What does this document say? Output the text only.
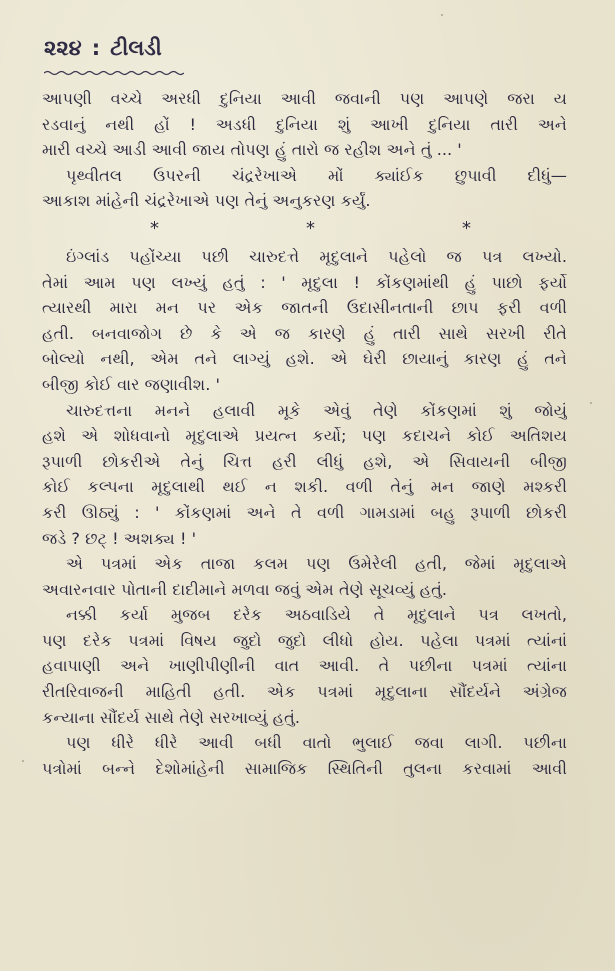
૨૨૪ : ટીલડી
આપણી વચ્ચે અરધી દુનિયા આવી જવાની પણ આપણે જરા ય
રડવાનું નથી હોં ! અડધી દુનિયા શું આખી દુનિયા તારી અને
મારી વચ્ચે આડી આવી જાય તોપણ હું તારો જ રહીશ અને તું ... '
પૃથ્વીતલ ઉપરની ચંદ્રરેખાએ મોં ક્યાંઈક છુપાવી દીધું—
આકાશ માંહેની ચંદ્રરેખાએ પણ તેનું અનુકરણ કર્યું.
*	*	*
ઇંગ્લાંડ પહોંચ્યા પછી ચારુદત્તે મૃદુલાને પહેલો જ પત્ર લખ્યો.
તેમાં આમ પણ લખ્યું હતું : ' મૃદુલા ! કોંકણમાંથી હું પાછો ફર્યો
ત્યારથી મારા મન પર એક જાતની ઉદાસીનતાની છાપ ફરી વળી
હતી. બનવાજોગ છે કે એ જ કારણે હું તારી સાથે સરખી રીતે
બોલ્યો નથી, એમ તને લાગ્યું હશે. એ ઘેરી છાયાનું કારણ હું તને
બીજી કોઈ વાર જણાવીશ. '
ચારુદત્તના મનને હલાવી મૂકે એવું તેણે કોંકણમાં શું જોયું
હશે એ શોધવાનો મૃદુલાએ પ્રયત્ન કર્યો; પણ કદાચને કોઈ અતિશય
રૂપાળી છોકરીએ તેનું ચિત્ત હરી લીધું હશે, એ સિવાયની બીજી
કોઈ કલ્પના મૃદુલાથી થઈ ન શકી. વળી તેનું મન જાણે મશ્કરી
કરી ઊઠ્યું : ' કોંકણમાં અને તે વળી ગામડામાં બહુ રૂપાળી છોકરી
જડે ? છટ્ ! અશક્ય ! '
એ પત્રમાં એક તાજા કલમ પણ ઉમેરેલી હતી, જેમાં મૃદુલાએ
અવારનવાર પોતાની દાદીમાને મળવા જવું એમ તેણે સૂચવ્યું હતું.
નક્કી કર્યા મુજબ દરેક અઠવાડિયે તે મૃદુલાને પત્ર લખતો,
પણ દરેક પત્રમાં વિષય જુદો જુદો લીધો હોય. પહેલા પત્રમાં ત્યાંનાં
હવાપાણી અને ખાણીપીણીની વાત આવી. તે પછીના પત્રમાં ત્યાંના
રીતરિવાજની માહિતી હતી. એક પત્રમાં મૃદુલાના સૌંદર્યને અંગ્રેજ
કન્યાના સૌંદર્ય સાથે તેણે સરખાવ્યું હતું.
પણ ધીરે ધીરે આવી બધી વાતો ભુલાઈ જવા લાગી. પછીના
પત્રોમાં બન્ને દેશોમાંહેની સામાજિક સ્થિતિની તુલના કરવામાં આવી
